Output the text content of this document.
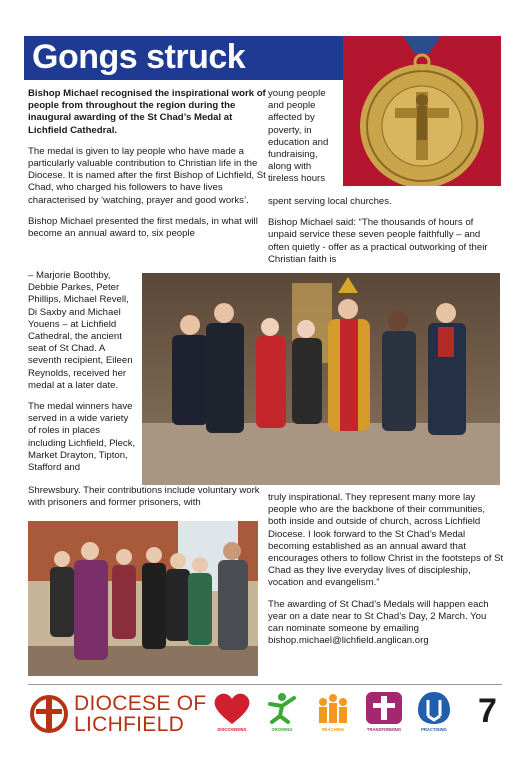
Gongs struck

Bishop Michael recognised the inspirational work of people from throughout the region during the inaugural awarding of the St Chad’s Medal at Lichfield Cathedral.

The medal is given to lay people who have made a particularly valuable contribution to Christian life in the Diocese. It is named after the first Bishop of Lichfield, St Chad, who charged his followers to have lives characterised by ‘watching, prayer and good works’.

Bishop Michael presented the first medals, in what will become an annual award to, six people

– Marjorie Boothby, Debbie Parkes, Peter Phillips, Michael Revell, Di Saxby and Michael Youens – at Lichfield Cathedral, the ancient seat of St Chad. A seventh recipient, Eileen Reynolds, received her medal at a later date.

The medal winners have served in a wide variety of roles in places including Lichfield, Pleck, Market Drayton, Tipton, Stafford and

Shrewsbury. Their contributions include voluntary work with prisoners and former prisoners, with

young people and people affected by poverty, in education and fundraising, along with tireless hours

spent serving local churches.

Bishop Michael said: “The thousands of hours of unpaid service these seven people faithfully – and often quietly - offer as a practical outworking of their Christian faith is

truly inspirational. They represent many more lay people who are the backbone of their communities, both inside and outside of church, across Lichfield Diocese. I look forward to the St Chad’s Medal becoming established as an annual award that encourages others to follow Christ in the footsteps of St Chad as they live everyday lives of discipleship, vocation and evangelism.”

The awarding of St Chad’s Medals will happen each year on a date near to St Chad’s Day, 2 March. You can nominate someone by emailing bishop.michael@lichfield.anglican.org

DIOCESE OF
LICHFIELD	DISCOVERING	GROWING	REACHING	TRANSFORMING	PRACTISING 7
